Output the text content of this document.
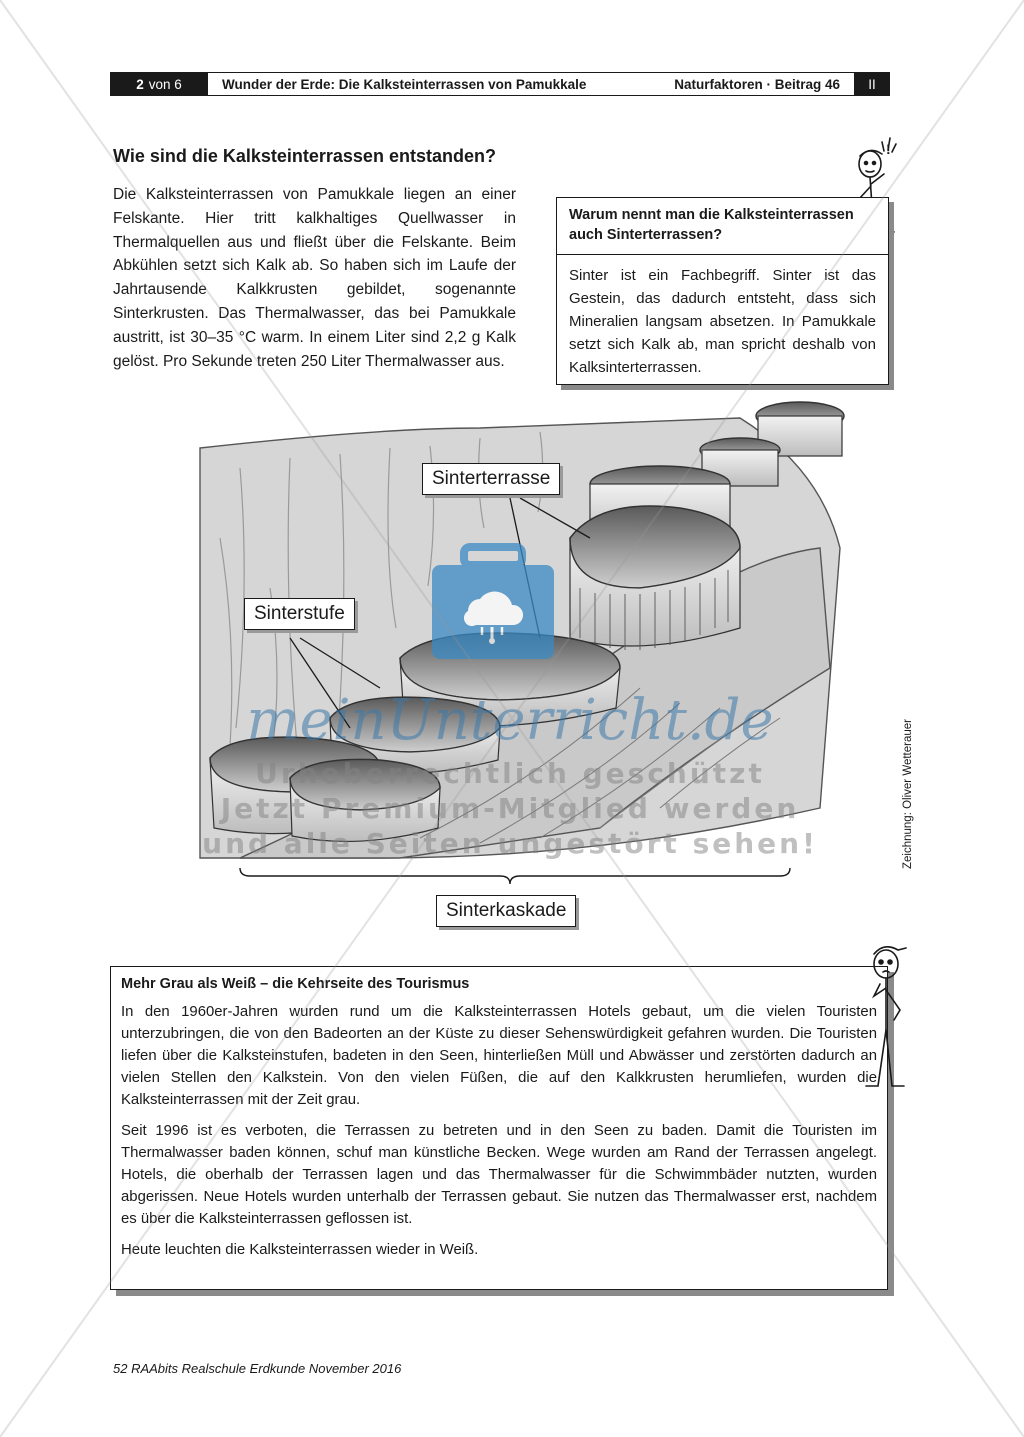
2 von 6	Wunder der Erde: Die Kalksteinterrassen von Pamukkale	Naturfaktoren · Beitrag 46	II
Wie sind die Kalksteinterrassen entstanden?

Die Kalksteinterrassen von Pamukkale liegen an einer Felskante. Hier tritt kalkhaltiges Quellwasser in Thermalquellen aus und fließt über die Felskante. Beim Abkühlen setzt sich Kalk ab. So haben sich im Laufe der Jahrtausende Kalkkrusten gebildet, sogenannte Sinterkrusten. Das Thermalwasser, das bei Pamukkale austritt, ist 30–35 °C warm. In einem Liter sind 2,2 g Kalk gelöst. Pro Sekunde treten 250 Liter Thermalwasser aus.

!

Warum nennt man die Kalksteinterrassen auch Sinterterrassen?

Sinter ist ein Fachbegriff. Sinter ist das Gestein, das dadurch entsteht, dass sich Mineralien langsam absetzen. In Pamukkale setzt sich Kalk ab, man spricht deshalb von Kalksinterterrassen.

Sinterterrasse
Sinterstufe
Sinterkaskade
Zeichnung: Oliver Wetterauer

Mehr Grau als Weiß – die Kehrseite des Tourismus

In den 1960er-Jahren wurden rund um die Kalksteinterrassen Hotels gebaut, um die vielen Touristen unterzubringen, die von den Badeorten an der Küste zu dieser Sehenswürdigkeit gefahren wurden. Die Touristen liefen über die Kalksteinstufen, badeten in den Seen, hinterließen Müll und Abwässer und zerstörten dadurch an vielen Stellen den Kalkstein. Von den vielen Füßen, die auf den Kalkkrusten herumliefen, wurden die Kalksteinterrassen mit der Zeit grau.

Seit 1996 ist es verboten, die Terrassen zu betreten und in den Seen zu baden. Damit die Touristen im Thermalwasser baden können, schuf man künstliche Becken. Wege wurden am Rand der Terrassen angelegt. Hotels, die oberhalb der Terrassen lagen und das Thermalwasser für die Schwimmbäder nutzten, wurden abgerissen. Neue Hotels wurden unterhalb der Terrassen gebaut. Sie nutzen das Thermalwasser erst, nachdem es über die Kalksteinterrassen geflossen ist.

Heute leuchten die Kalksteinterrassen wieder in Weiß.

52 RAAbits Realschule Erdkunde November 2016
meinUnterricht.de
Urheberrechtlich geschützt
Jetzt Premium-Mitglied werden
und alle Seiten ungestört sehen!
